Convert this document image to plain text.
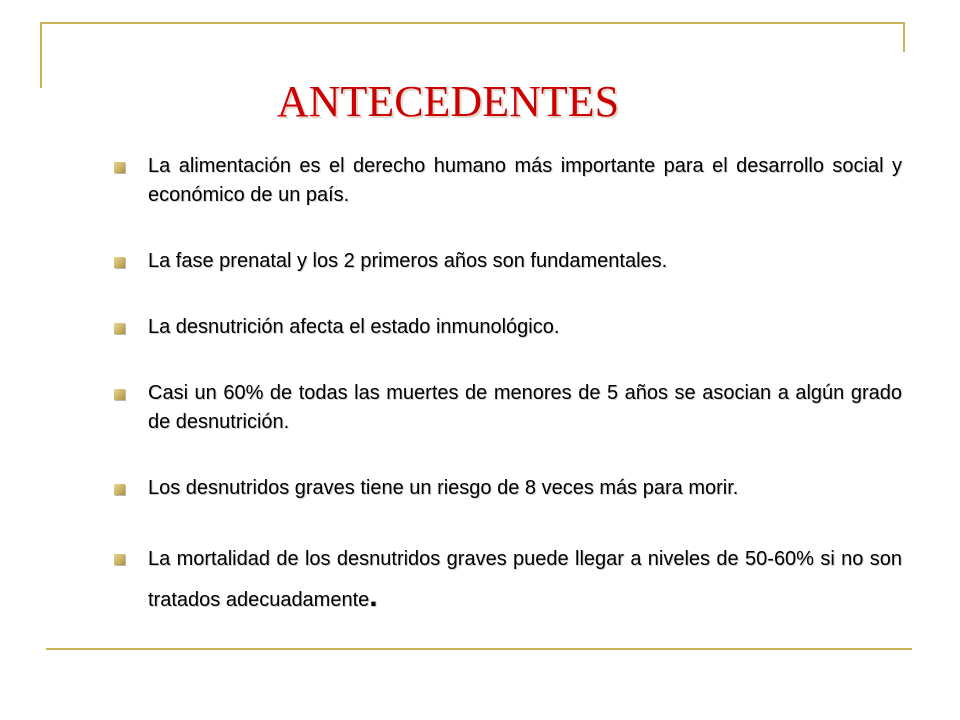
ANTECEDENTES
La alimentación es el derecho humano más importante para el desarrollo social y económico de un país.
La fase prenatal y los 2 primeros años son fundamentales.
La desnutrición afecta el estado inmunológico.
Casi un 60% de todas las muertes de menores de 5 años se asocian a algún grado de desnutrición.
Los desnutridos graves tiene un riesgo de 8 veces más para morir.
La mortalidad de los desnutridos graves puede llegar a niveles de 50-60% si no son tratados adecuadamente.
